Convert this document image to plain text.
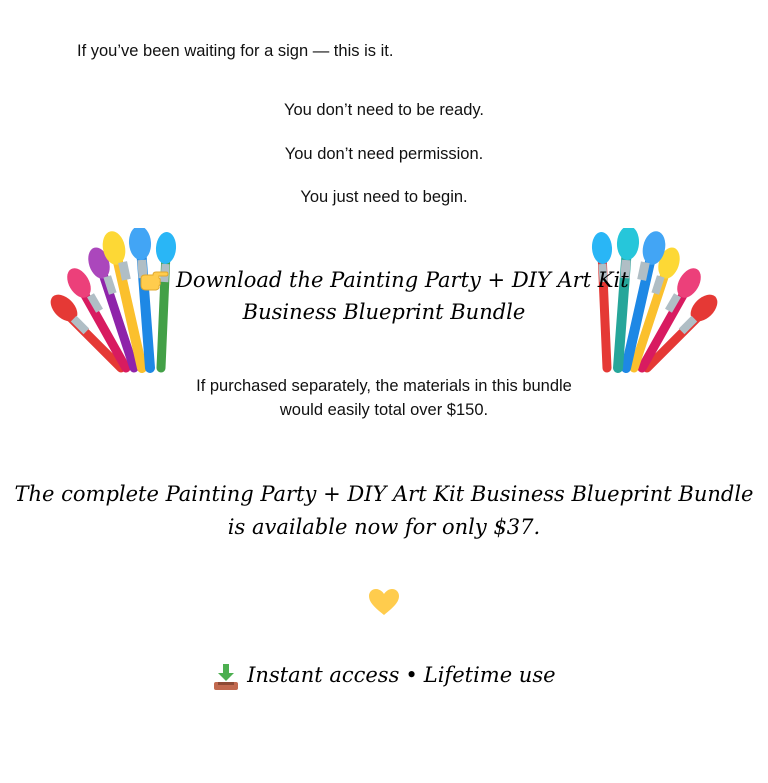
If you’ve been waiting for a sign — this is it.
You don’t need to be ready.
You don’t need permission.
You just need to begin.
Download the Painting Party + DIY Art Kit
Business Blueprint Bundle
If purchased separately, the materials in this bundle
would easily total over $150.
The complete Painting Party + DIY Art Kit Business Blueprint Bundle
is available now for only $37.
Instant access • Lifetime use
